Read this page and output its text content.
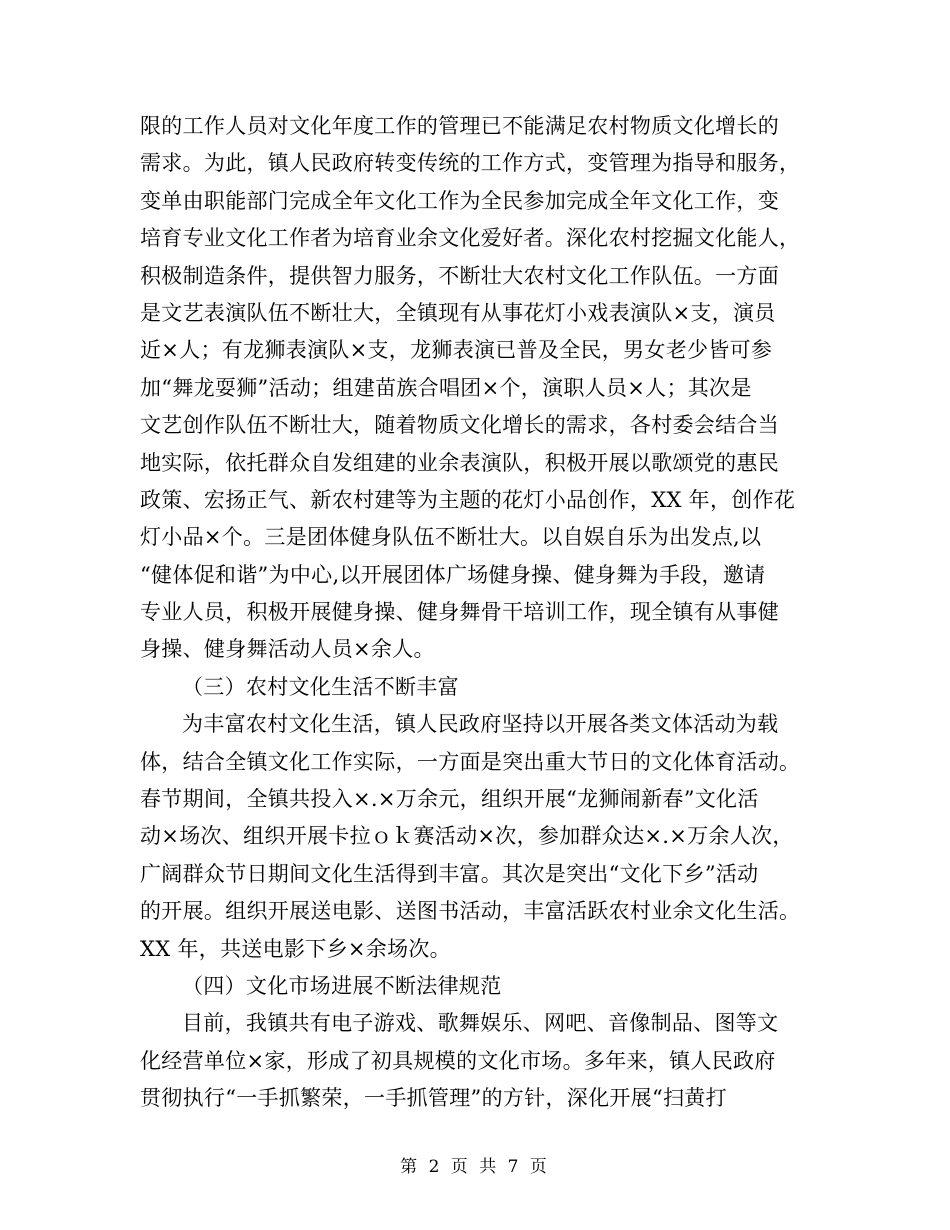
限的工作人员对文化年度工作的管理已不能满足农村物质文化增长的
需求。为此，镇人民政府转变传统的工作方式，变管理为指导和服务，
变单由职能部门完成全年文化工作为全民参加完成全年文化工作，变
培育专业文化工作者为培育业余文化爱好者。深化农村挖掘文化能人，
积极制造条件，提供智力服务，不断壮大农村文化工作队伍。一方面
是文艺表演队伍不断壮大，全镇现有从事花灯小戏表演队×支，演员
近×人；有龙狮表演队×支，龙狮表演已普及全民，男女老少皆可参
加“舞龙耍狮”活动；组建苗族合唱团×个，演职人员×人；其次是
文艺创作队伍不断壮大，随着物质文化增长的需求，各村委会结合当
地实际，依托群众自发组建的业余表演队，积极开展以歌颂党的惠民
政策、宏扬正气、新农村建等为主题的花灯小品创作，XX 年，创作花
灯小品×个。三是团体健身队伍不断壮大。以自娱自乐为出发点,以
“健体促和谐”为中心,以开展团体广场健身操、健身舞为手段，邀请
专业人员，积极开展健身操、健身舞骨干培训工作，现全镇有从事健
身操、健身舞活动人员×余人。
（三）农村文化生活不断丰富
为丰富农村文化生活，镇人民政府坚持以开展各类文体活动为载
体，结合全镇文化工作实际，一方面是突出重大节日的文化体育活动。
春节期间，全镇共投入×.×万余元，组织开展“龙狮闹新春”文化活
动×场次、组织开展卡拉ｏｋ赛活动×次，参加群众达×.×万余人次，
广阔群众节日期间文化生活得到丰富。其次是突出“文化下乡”活动
的开展。组织开展送电影、送图书活动，丰富活跃农村业余文化生活。
XX 年，共送电影下乡×余场次。
（四）文化市场进展不断法律规范
目前，我镇共有电子游戏、歌舞娱乐、网吧、音像制品、图等文
化经营单位×家，形成了初具规模的文化市场。多年来，镇人民政府
贯彻执行“一手抓繁荣，一手抓管理”的方针，深化开展“扫黄打
第 2 页 共 7 页
